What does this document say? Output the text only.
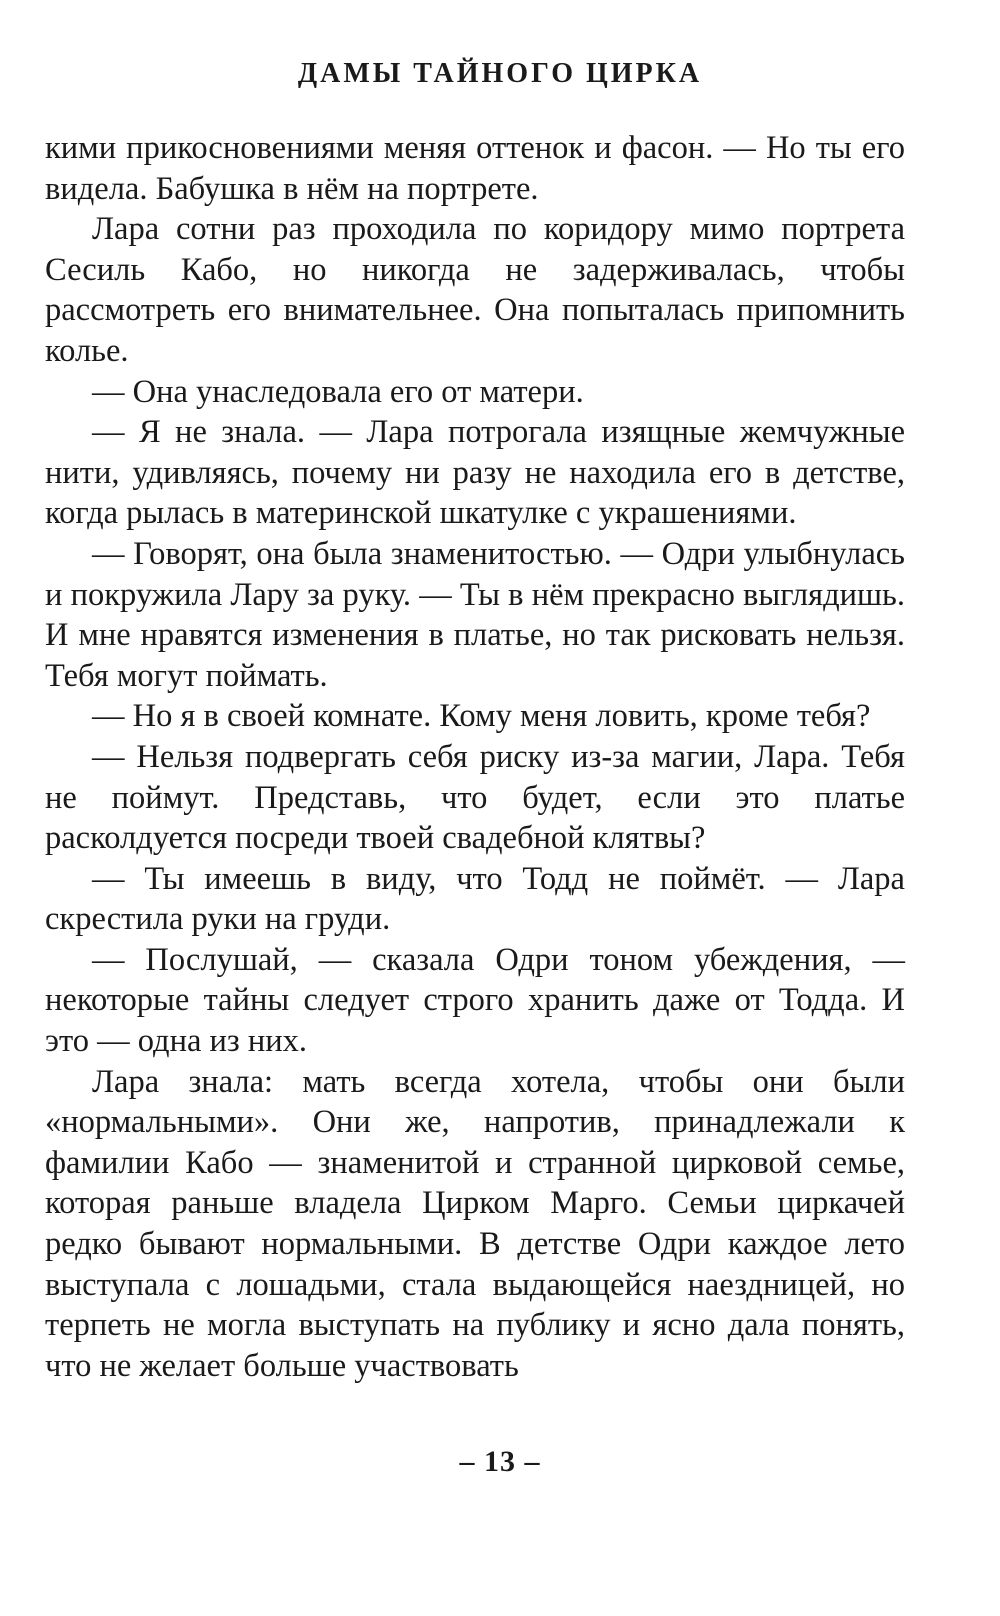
ДАМЫ ТАЙНОГО ЦИРКА

кими прикосновениями меняя оттенок и фасон. — Но ты его видела. Бабушка в нём на портрете.

Лара сотни раз проходила по коридору мимо портрета Сесиль Кабо, но никогда не задерживалась, чтобы рассмотреть его внимательнее. Она попыталась припомнить колье.

— Она унаследовала его от матери.

— Я не знала. — Лара потрогала изящные жемчужные нити, удивляясь, почему ни разу не находила его в детстве, когда рылась в материнской шкатулке с украшениями.

— Говорят, она была знаменитостью. — Одри улыбнулась и покружила Лару за руку. — Ты в нём прекрасно выглядишь. И мне нравятся изменения в платье, но так рисковать нельзя. Тебя могут поймать.

— Но я в своей комнате. Кому меня ловить, кроме тебя?

— Нельзя подвергать себя риску из-за магии, Лара. Тебя не поймут. Представь, что будет, если это платье расколдуется посреди твоей свадебной клятвы?

— Ты имеешь в виду, что Тодд не поймёт. — Лара скрестила руки на груди.

— Послушай, — сказала Одри тоном убеждения, — некоторые тайны следует строго хранить даже от Тодда. И это — одна из них.

Лара знала: мать всегда хотела, чтобы они были «нормальными». Они же, напротив, принадлежали к фамилии Кабо — знаменитой и странной цирковой семье, которая раньше владела Цирком Марго. Семьи циркачей редко бывают нормальными. В детстве Одри каждое лето выступала с лошадьми, стала выдающейся наездницей, но терпеть не могла выступать на публику и ясно дала понять, что не желает больше участвовать

– 13 –
